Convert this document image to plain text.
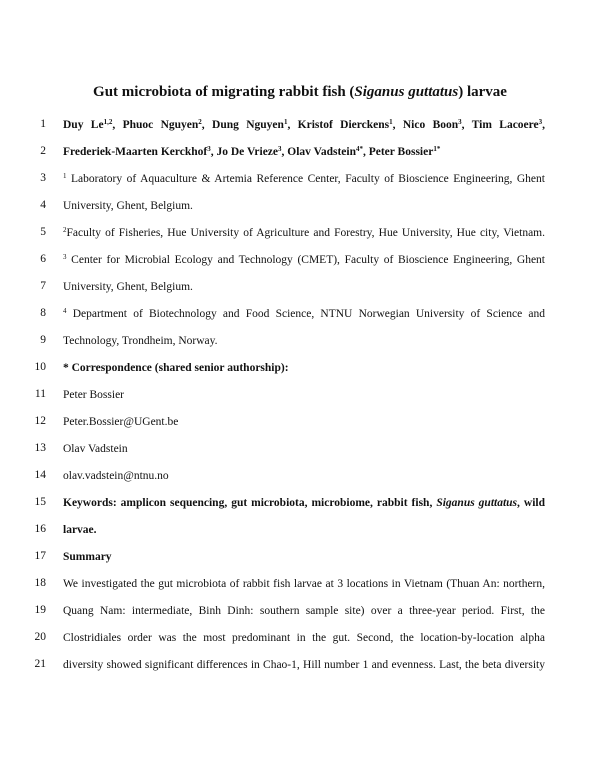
Gut microbiota of migrating rabbit fish (Siganus guttatus) larvae
1
2
3
4
5
6
7
8
9
10
11
12
13
14
15
16
17
18
19
20
21
Duy Le$^{1,2}$, Phuoc Nguyen$^2$, Dung Nguyen$^1$, Kristof Dierckens$^1$, Nico Boon$^3$, Tim Lacoere$^3$,
Frederiek-Maarten Kerckhof$^3$, Jo De Vrieze$^3$, Olav Vadstein$^{4*}$, Peter Bossier$^{1*}$
$^1$ Laboratory of Aquaculture & Artemia Reference Center, Faculty of Bioscience Engineering, Ghent
University, Ghent, Belgium.
$^2$Faculty of Fisheries, Hue University of Agriculture and Forestry, Hue University, Hue city, Vietnam.
$^3$ Center for Microbial Ecology and Technology (CMET), Faculty of Bioscience Engineering, Ghent
University, Ghent, Belgium.
$^4$ Department of Biotechnology and Food Science, NTNU Norwegian University of Science and
Technology, Trondheim, Norway.
* Correspondence (shared senior authorship):
Peter Bossier
Peter.Bossier@UGent.be
Olav Vadstein
olav.vadstein@ntnu.no
Keywords: amplicon sequencing, gut microbiota, microbiome, rabbit fish, Siganus guttatus, wild
larvae.
Summary
We investigated the gut microbiota of rabbit fish larvae at 3 locations in Vietnam (Thuan An: northern,
Quang Nam: intermediate, Binh Dinh: southern sample site) over a three-year period. First, the
Clostridiales order was the most predominant in the gut. Second, the location-by-location alpha
diversity showed significant differences in Chao-1, Hill number 1 and evenness. Last, the beta diversity
